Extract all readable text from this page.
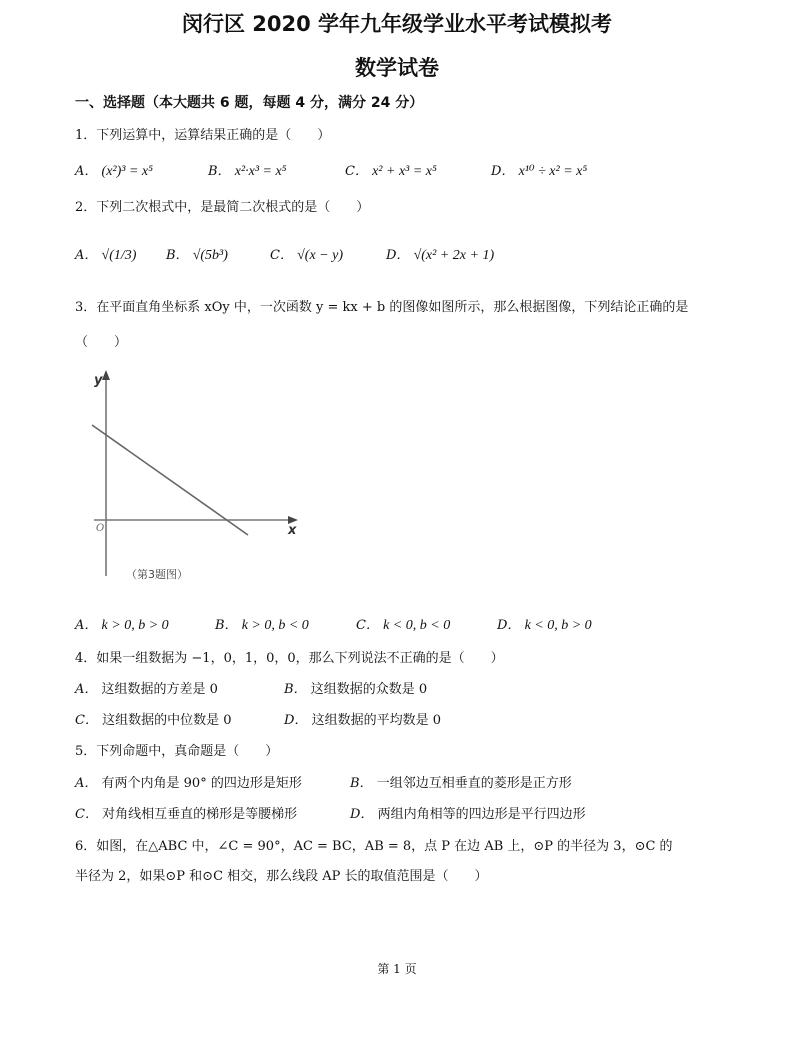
闵行区 2020 学年九年级学业水平考试模拟考
数学试卷
一、选择题（本大题共 6 题，每题 4 分，满分 24 分）
1．下列运算中，运算结果正确的是（　　）
A． (x²)³ = x⁵	B． x²·x³ = x⁵	C． x² + x³ = x⁵	D． x¹⁰ ÷ x² = x⁵
2．下列二次根式中，是最简二次根式的是（　　）
A． √(1/3) B． √(5b³)	C． √(x − y)	D． √(x² + 2x + 1)
3．在平面直角坐标系 xOy 中，一次函数 y = kx + b 的图像如图所示，那么根据图像，下列结论正确的是
（　　）
y
x
O
（第3题图）
A． k > 0, b > 0	B． k > 0, b < 0	C． k < 0, b < 0	D． k < 0, b > 0
4．如果一组数据为 −1，0，1，0，0，那么下列说法不正确的是（　　）
A． 这组数据的方差是 0	B． 这组数据的众数是 0
C． 这组数据的中位数是 0	D． 这组数据的平均数是 0
5．下列命题中，真命题是（　　）
A． 有两个内角是 90° 的四边形是矩形	B． 一组邻边互相垂直的菱形是正方形
C． 对角线相互垂直的梯形是等腰梯形	D． 两组内角相等的四边形是平行四边形
6．如图，在△ABC 中，∠C = 90°，AC = BC，AB = 8，点 P 在边 AB 上，⊙P 的半径为 3，⊙C 的
半径为 2，如果⊙P 和⊙C 相交，那么线段 AP 长的取值范围是（　　）
第 1 页
